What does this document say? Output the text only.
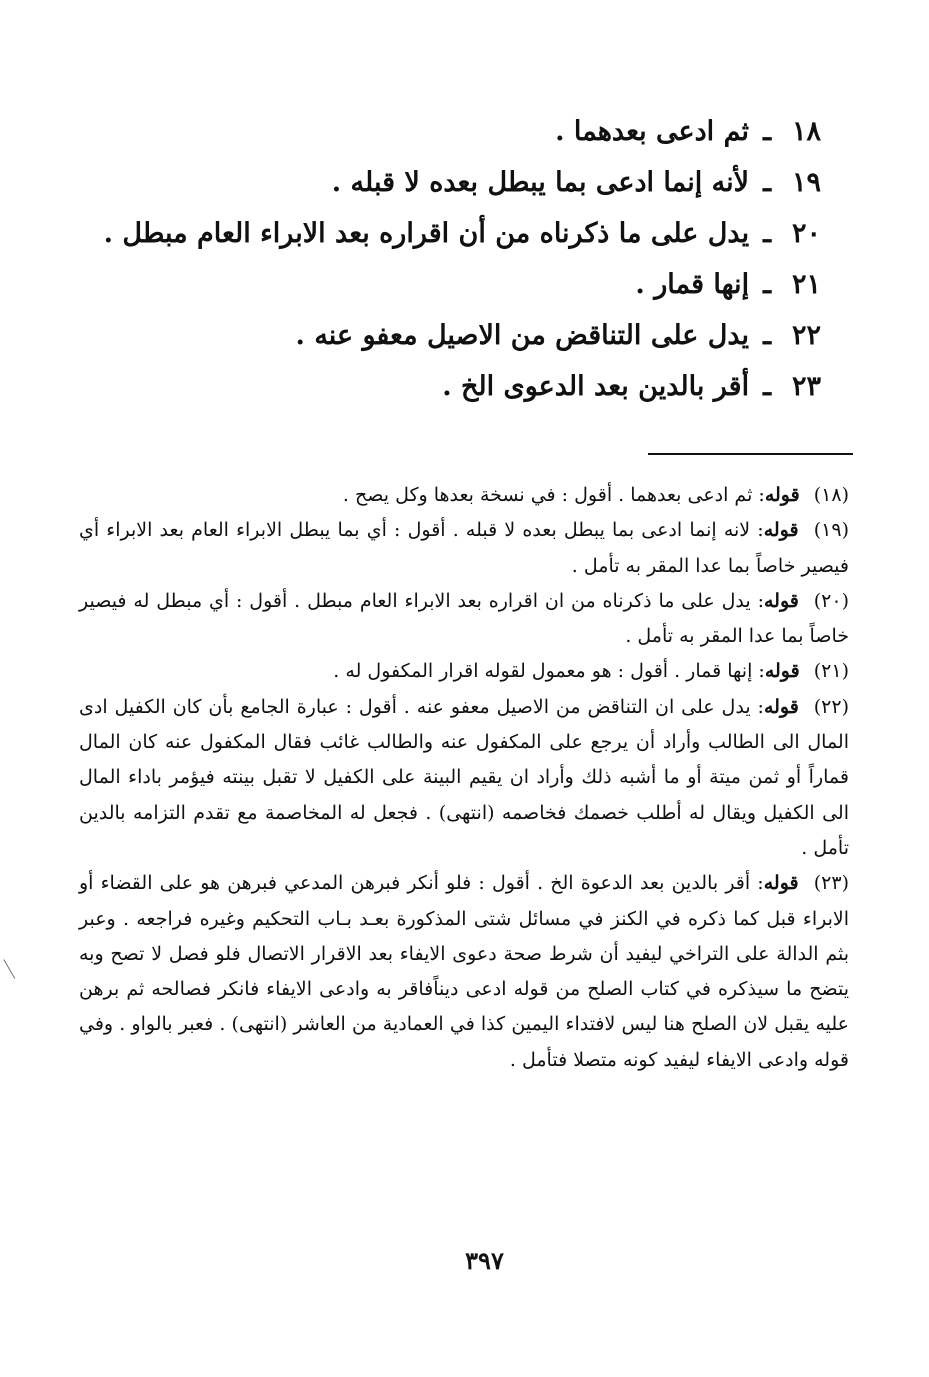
١٨
ـ
ثم ادعى بعدهما .
١٩
ـ
لأنه إنما ادعى بما يبطل بعده لا قبله .
٢٠
ـ
يدل على ما ذكرناه من أن اقراره بعد الابراء العام مبطل .
٢١
ـ
إنها قمار .
٢٢
ـ
يدل على التناقض من الاصيل معفو عنه .
٢٣
ـ
أقر بالدين بعد الدعوى الخ .

(١٨) قوله: ثم ادعى بعدهما . أقول : في نسخة بعدها وكل يصح .

(١٩) قوله: لانه إنما ادعى بما يبطل بعده لا قبله . أقول : أي بما يبطل الابراء العام بعد الابراء أي فيصير خاصاً بما عدا المقر به تأمل .

(٢٠) قوله: يدل على ما ذكرناه من ان اقراره بعد الابراء العام مبطل . أقول : أي مبطل له فيصير خاصاً بما عدا المقر به تأمل .

(٢١) قوله: إنها قمار . أقول : هو معمول لقوله اقرار المكفول له .

(٢٢) قوله: يدل على ان التناقض من الاصيل معفو عنه . أقول : عبارة الجامع بأن كان الكفيل ادى المال الى الطالب وأراد أن يرجع على المكفول عنه والطالب غائب فقال المكفول عنه كان المال قماراً أو ثمن ميتة أو ما أشبه ذلك وأراد ان يقيم البينة على الكفيل لا تقبل بينته فيؤمر باداء المال الى الكفيل ويقال له أطلب خصمك فخاصمه (انتهى) . فجعل له المخاصمة مع تقدم التزامه بالدين تأمل .

(٢٣) قوله: أقر بالدين بعد الدعوة الخ . أقول : فلو أنكر فبرهن المدعي فبرهن هو على القضاء أو الابراء قبل كما ذكره في الكنز في مسائل شتى المذكورة بعـد بـاب التحكيم وغيره فراجعه . وعبر بثم الدالة على التراخي ليفيد أن شرط صحة دعوى الايفاء بعد الاقرار الاتصال فلو فصل لا تصح وبه يتضح ما سيذكره في كتاب الصلح من قوله ادعى ديناًفاقر به وادعى الايفاء فانكر فصالحه ثم برهن عليه يقبل لان الصلح هنا ليس لافتداء اليمين كذا في العمادية من العاشر (انتهى) . فعبر بالواو . وفي قوله وادعى الايفاء ليفيد كونه متصلا فتأمل .

٣٩٧
